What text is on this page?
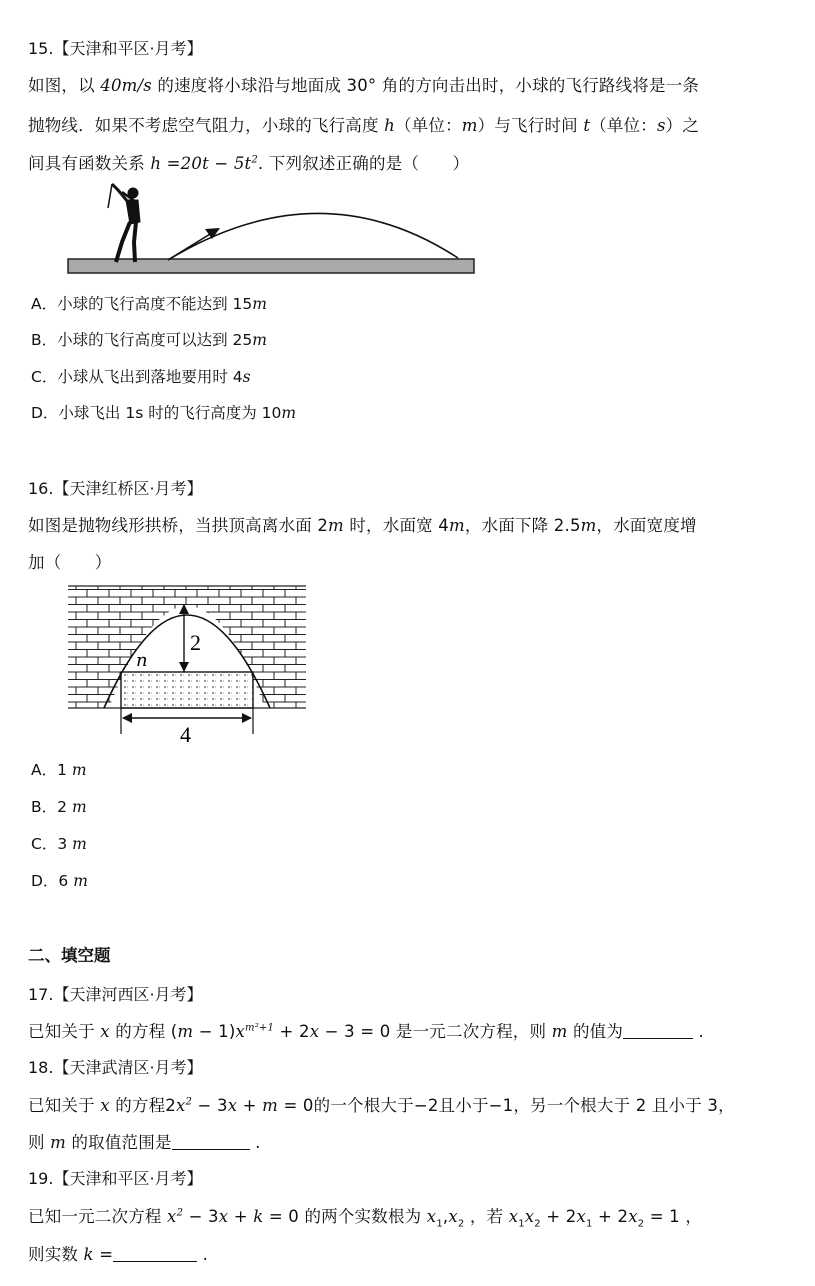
15.【天津和平区·月考】
如图，以 40m/s 的速度将小球沿与地面成 30° 角的方向击出时，小球的飞行路线将是一条
抛物线．如果不考虑空气阻力，小球的飞行高度 h（单位：m）与飞行时间 t（单位：s）之
间具有函数关系 $h =20t - 5t^2$. 下列叙述正确的是（　　）
A．小球的飞行高度不能达到 15m
B．小球的飞行高度可以达到 25m
C．小球从飞出到落地要用时 4s
D．小球飞出 1s 时的飞行高度为 10m
16.【天津红桥区·月考】
如图是抛物线形拱桥，当拱顶高离水面 2m 时，水面宽 4m，水面下降 2.5m，水面宽度增
加（　　）
2
n
4
A．1 m
B．2 m
C．3 m
D．6 m
二、填空题
17.【天津河西区·月考】
已知关于 x 的方程 $(m - 1)x^{m^2+1} + 2x - 3 = 0$ 是一元二次方程，则 m 的值为	.
18.【天津武清区·月考】
已知关于 x 的方程$2x^2 - 3x + m = 0$的一个根大于−2且小于−1，另一个根大于 2 且小于 3，
则 m 的取值范围是	.
19.【天津和平区·月考】
已知一元二次方程 $x^2 - 3x + k = 0$ 的两个实数根为 $x_1,x_2$ ，若 $x_1x_2 + 2x_1 + 2x_2 = 1$ ，
则实数 k =	.
